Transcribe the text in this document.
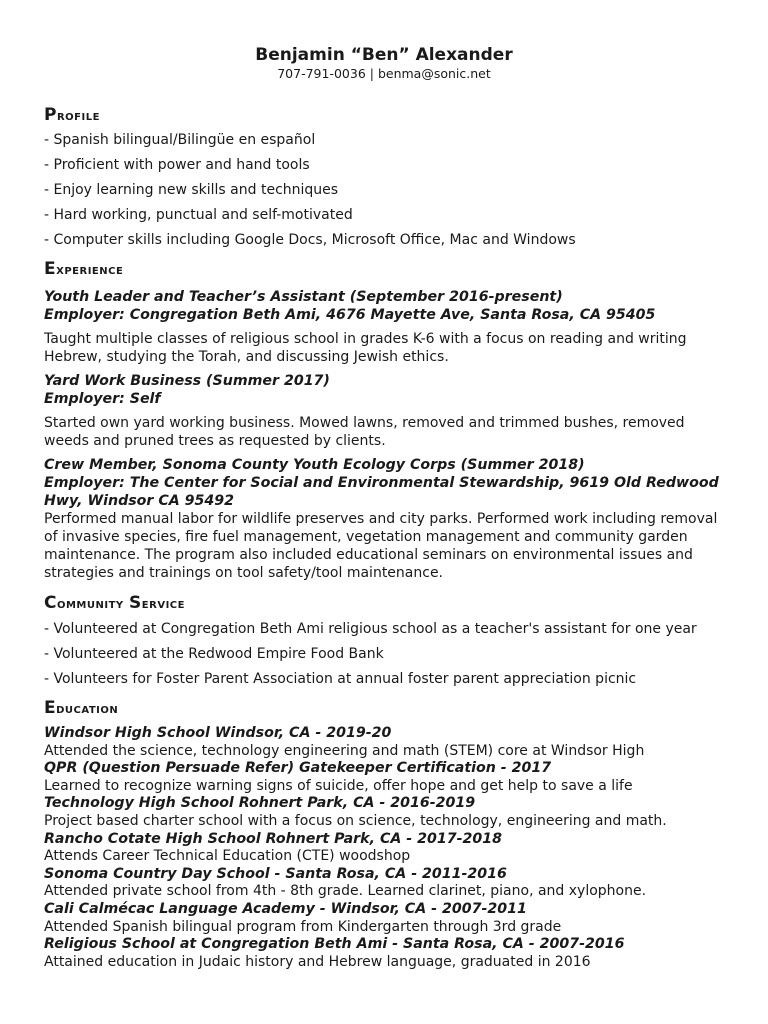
Benjamin “Ben” Alexander

707-791-0036 | benma@sonic.net

Profile

- Spanish bilingual/Bilingüe en español

- Proficient with power and hand tools

- Enjoy learning new skills and techniques

- Hard working, punctual and self-motivated

- Computer skills including Google Docs, Microsoft Office, Mac and Windows

Experience

Youth Leader and Teacher’s Assistant (September 2016-present)

Employer: Congregation Beth Ami, 4676 Mayette Ave, Santa Rosa, CA 95405

Taught multiple classes of religious school in grades K-6 with a focus on reading and writing Hebrew, studying the Torah, and discussing Jewish ethics.

Yard Work Business (Summer 2017)

Employer: Self

Started own yard working business. Mowed lawns, removed and trimmed bushes, removed weeds and pruned trees as requested by clients.

Crew Member, Sonoma County Youth Ecology Corps (Summer 2018)

Employer: The Center for Social and Environmental Stewardship, 9619 Old Redwood Hwy, Windsor CA 95492

Performed manual labor for wildlife preserves and city parks. Performed work including removal of invasive species, fire fuel management, vegetation management and community garden maintenance. The program also included educational seminars on environmental issues and strategies and trainings on tool safety/tool maintenance.

Community Service

- Volunteered at Congregation Beth Ami religious school as a teacher's assistant for one year

- Volunteered at the Redwood Empire Food Bank

- Volunteers for Foster Parent Association at annual foster parent appreciation picnic

Education

Windsor High School Windsor, CA - 2019-20

Attended the science, technology engineering and math (STEM) core at Windsor High

QPR (Question Persuade Refer) Gatekeeper Certification - 2017

Learned to recognize warning signs of suicide, offer hope and get help to save a life

Technology High School Rohnert Park, CA - 2016-2019

Project based charter school with a focus on science, technology, engineering and math.

Rancho Cotate High School Rohnert Park, CA - 2017-2018

Attends Career Technical Education (CTE) woodshop

Sonoma Country Day School - Santa Rosa, CA - 2011-2016

Attended private school from 4th - 8th grade. Learned clarinet, piano, and xylophone.

Cali Calmécac Language Academy - Windsor, CA - 2007-2011

Attended Spanish bilingual program from Kindergarten through 3rd grade

Religious School at Congregation Beth Ami - Santa Rosa, CA - 2007-2016

Attained education in Judaic history and Hebrew language, graduated in 2016
